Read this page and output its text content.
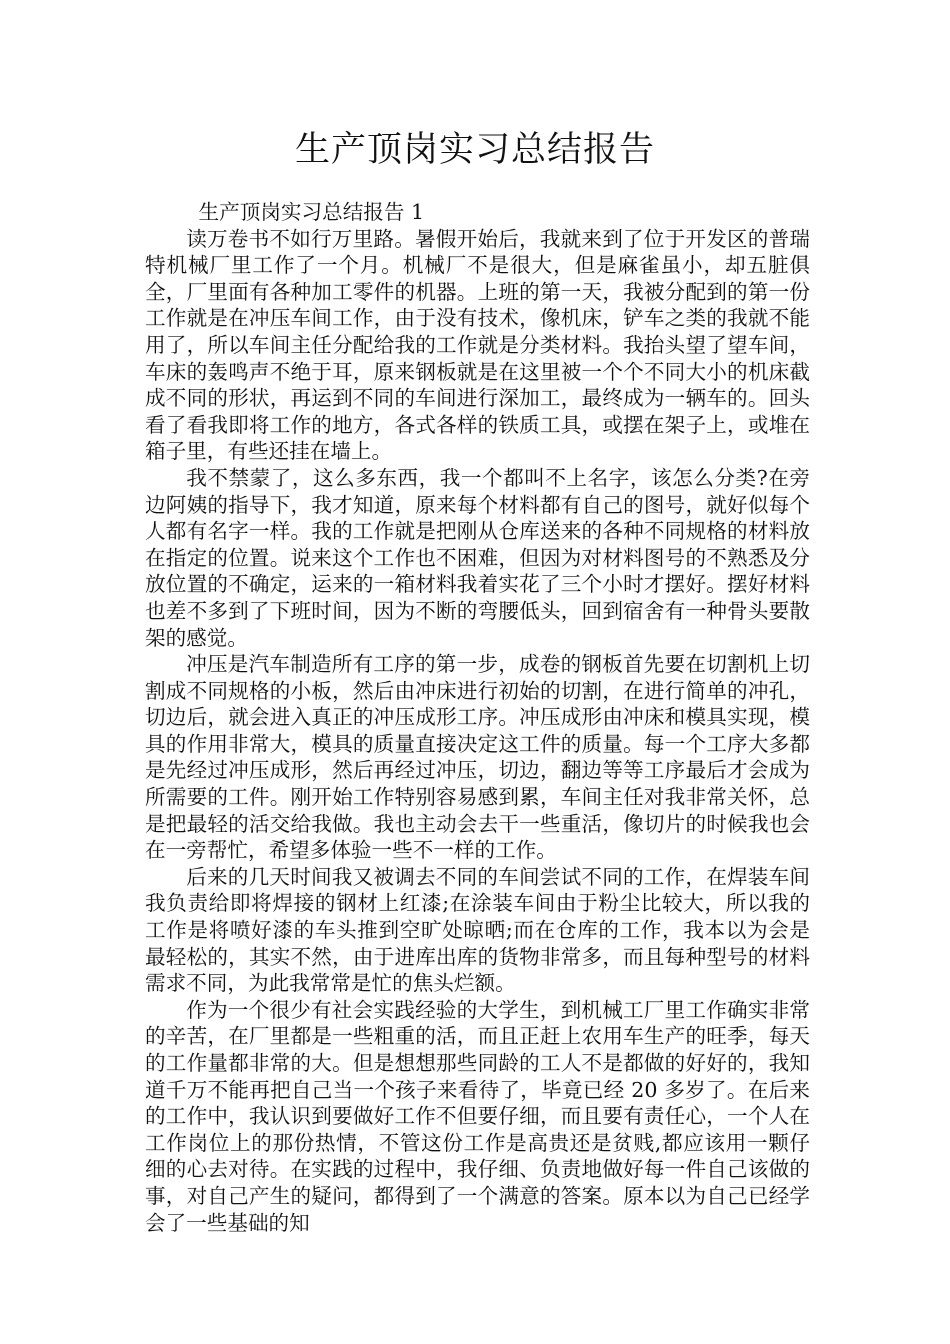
生产顶岗实习总结报告

生产顶岗实习总结报告 1

读万卷书不如行万里路。暑假开始后，我就来到了位于开发区的普瑞特机械厂里工作了一个月。机械厂不是很大，但是麻雀虽小，却五脏俱全，厂里面有各种加工零件的机器。上班的第一天，我被分配到的第一份工作就是在冲压车间工作，由于没有技术，像机床，铲车之类的我就不能用了，所以车间主任分配给我的工作就是分类材料。我抬头望了望车间，车床的轰鸣声不绝于耳，原来钢板就是在这里被一个个不同大小的机床截成不同的形状，再运到不同的车间进行深加工，最终成为一辆车的。回头看了看我即将工作的地方，各式各样的铁质工具，或摆在架子上，或堆在箱子里，有些还挂在墙上。

我不禁蒙了，这么多东西，我一个都叫不上名字，该怎么分类?在旁边阿姨的指导下，我才知道，原来每个材料都有自己的图号，就好似每个人都有名字一样。我的工作就是把刚从仓库送来的各种不同规格的材料放在指定的位置。说来这个工作也不困难，但因为对材料图号的不熟悉及分放位置的不确定，运来的一箱材料我着实花了三个小时才摆好。摆好材料也差不多到了下班时间，因为不断的弯腰低头，回到宿舍有一种骨头要散架的感觉。

冲压是汽车制造所有工序的第一步，成卷的钢板首先要在切割机上切割成不同规格的小板，然后由冲床进行初始的切割，在进行简单的冲孔，切边后，就会进入真正的冲压成形工序。冲压成形由冲床和模具实现，模具的作用非常大，模具的质量直接决定这工件的质量。每一个工序大多都是先经过冲压成形，然后再经过冲压，切边，翻边等等工序最后才会成为所需要的工件。刚开始工作特别容易感到累，车间主任对我非常关怀，总是把最轻的活交给我做。我也主动会去干一些重活，像切片的时候我也会在一旁帮忙，希望多体验一些不一样的工作。

后来的几天时间我又被调去不同的车间尝试不同的工作，在焊装车间我负责给即将焊接的钢材上红漆;在涂装车间由于粉尘比较大，所以我的工作是将喷好漆的车头推到空旷处晾晒;而在仓库的工作，我本以为会是最轻松的，其实不然，由于进库出库的货物非常多，而且每种型号的材料需求不同，为此我常常是忙的焦头烂额。

作为一个很少有社会实践经验的大学生，到机械工厂里工作确实非常的辛苦，在厂里都是一些粗重的活，而且正赶上农用车生产的旺季，每天的工作量都非常的大。但是想想那些同龄的工人不是都做的好好的，我知道千万不能再把自己当一个孩子来看待了，毕竟已经 20 多岁了。在后来的工作中，我认识到要做好工作不但要仔细，而且要有责任心，一个人在工作岗位上的那份热情，不管这份工作是高贵还是贫贱,都应该用一颗仔细的心去对待。在实践的过程中，我仔细、负责地做好每一件自己该做的事，对自己产生的疑问，都得到了一个满意的答案。原本以为自己已经学会了一些基础的知
